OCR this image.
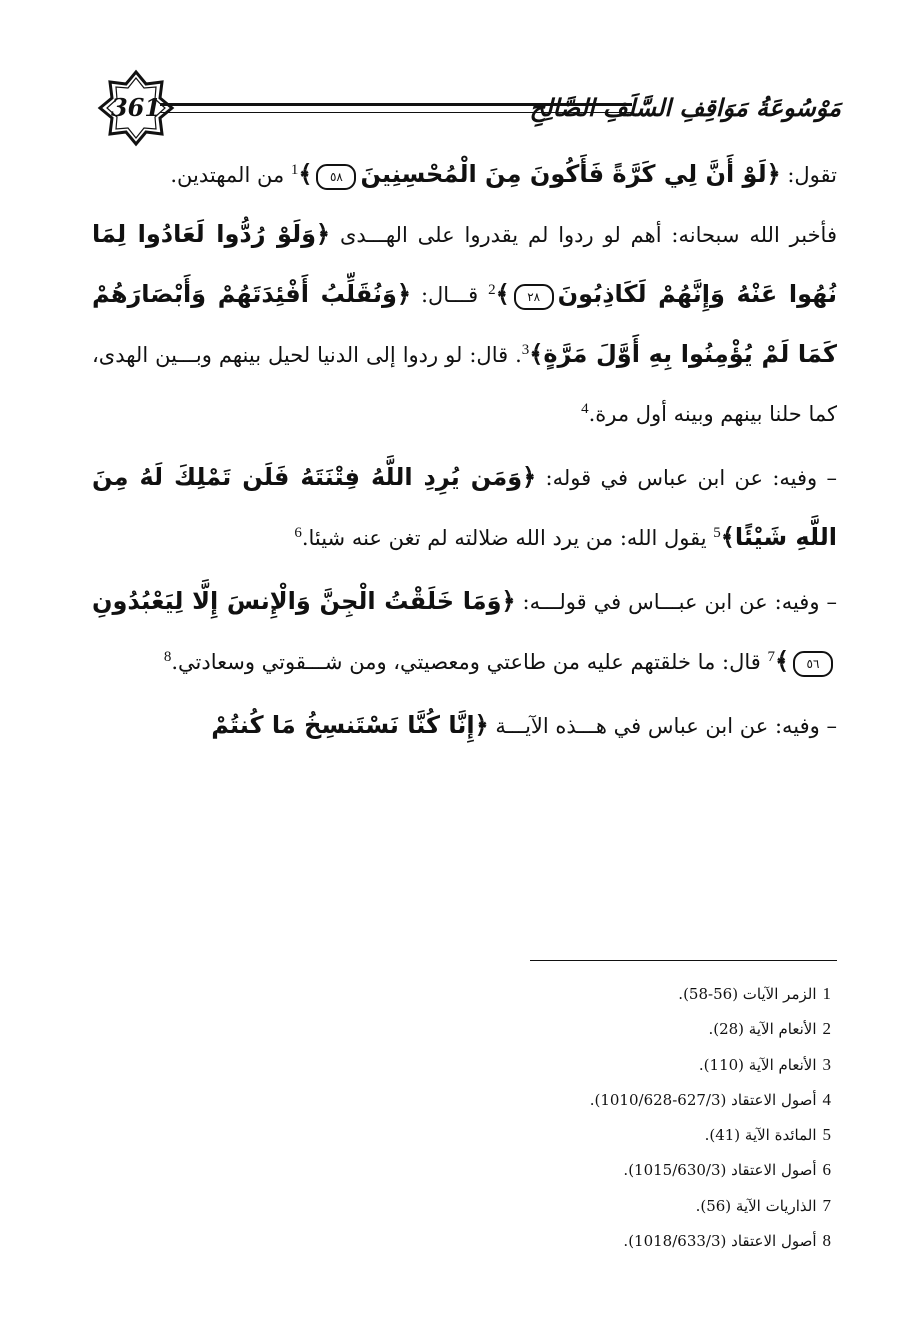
361	مَوْسُوعَةُ مَوَاقِفِ السَّلَفِ الصَّالِحِ

تقول: ﴿لَوْ أَنَّ لِي كَرَّةً فَأَكُونَ مِنَ الْمُحْسِنِينَ٥٨﴾$^1$ من المهتدين.

فأخبر الله سبحانه: أهم لو ردوا لم يقدروا على الهـــدى ﴿وَلَوْ رُدُّوا لَعَادُوا لِمَا نُهُوا عَنْهُ وَإِنَّهُمْ لَكَاذِبُونَ٢٨﴾$^2$ قـــال: ﴿وَنُقَلِّبُ أَفْئِدَتَهُمْ وَأَبْصَارَهُمْ كَمَا لَمْ يُؤْمِنُوا بِهِ أَوَّلَ مَرَّةٍ﴾$^3$. قال: لو ردوا إلى الدنيا لحيل بينهم وبـــين الهدى، كما حلنا بينهم وبينه أول مرة.$^4$

– وفيه: عن ابن عباس في قوله: ﴿وَمَن يُرِدِ اللَّهُ فِتْنَتَهُ فَلَن تَمْلِكَ لَهُ مِنَ اللَّهِ شَيْئًا﴾$^5$ يقول الله: من يرد الله ضلالته لم تغن عنه شيئا.$^6$

– وفيه: عن ابن عبـــاس في قولـــه: ﴿وَمَا خَلَقْتُ الْجِنَّ وَالْإِنسَ إِلَّا لِيَعْبُدُونِ٥٦﴾$^7$ قال: ما خلقتهم عليه من طاعتي ومعصيتي، ومن شـــقوتي وسعادتي.$^8$

– وفيه: عن ابن عباس في هـــذه الآيـــة ﴿إِنَّا كُنَّا نَسْتَنسِخُ مَا كُنتُمْ

1الزمر الآيات (56-58).
2الأنعام الآية (28).
3الأنعام الآية (110).
4أصول الاعتقاد (627/3-1010/628).
5المائدة الآية (41).
6أصول الاعتقاد (1015/630/3).
7الذاريات الآية (56).
8أصول الاعتقاد (1018/633/3).
